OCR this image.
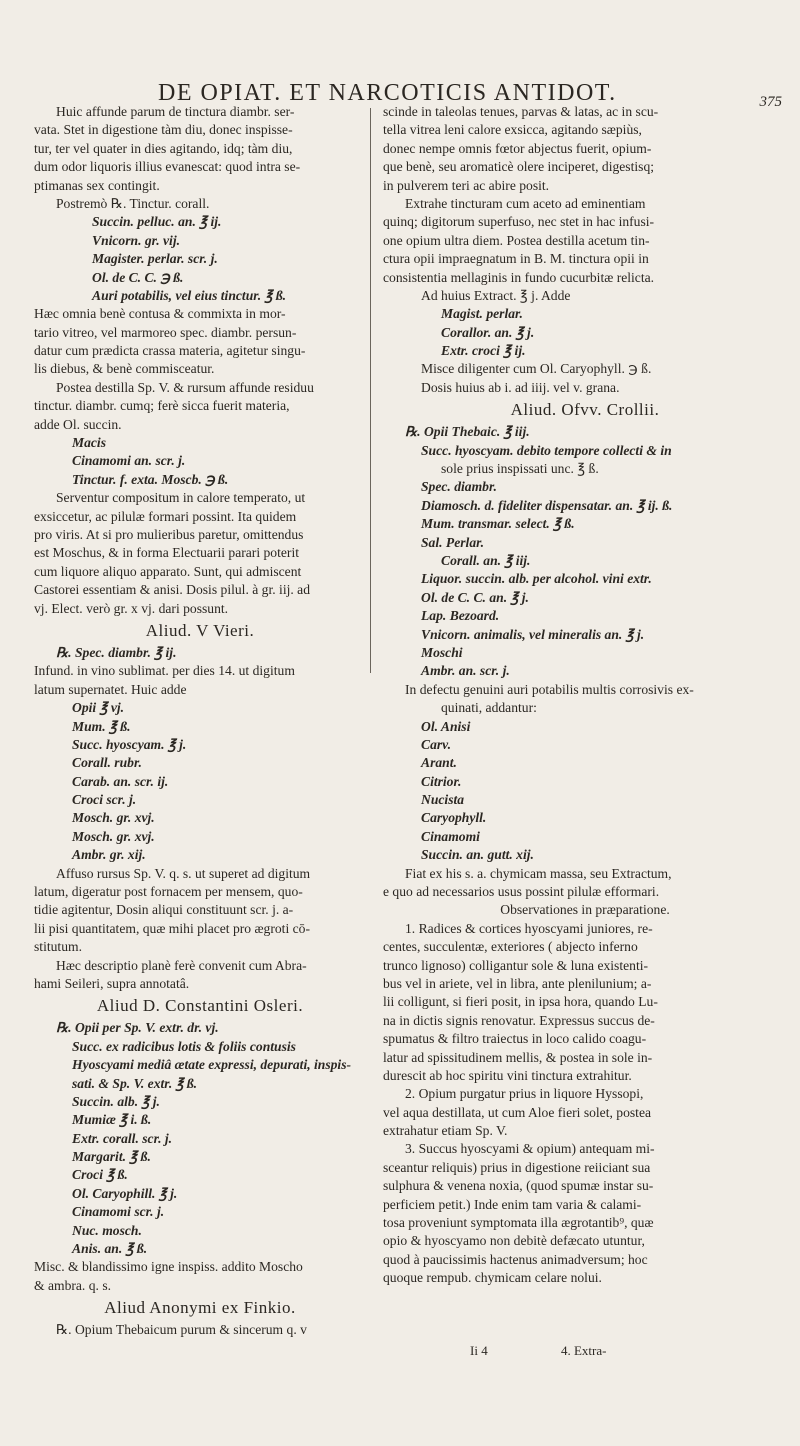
DE OPIAT. ET NARCOTICIS ANTIDOT.	375
Huic affunde parum de tinctura diambr. ser-
vata. Stet in digestione tàm diu, donec inspisse-
tur, ter vel quater in dies agitando, idq; tàm diu,
dum odor liquoris illius evanescat: quod intra se-
ptimanas sex contingit.
Postremò ℞. Tinctur. corall.
Succin. pelluc. an. ℥ ij.
Vnicorn. gr. vij.
Magister. perlar. scr. j.
Ol. de C. C. ℈ ß.
Auri potabilis, vel eius tinctur. ℥ ß.
Hæc omnia benè contusa & commixta in mor-
tario vitreo, vel marmoreo spec. diambr. persun-
datur cum prædicta crassa materia, agitetur singu-
lis diebus, & benè commisceatur.
Postea destilla Sp. V. & rursum affunde residuu
tinctur. diambr. cumq; ferè sicca fuerit materia,
adde Ol. succin.
Macis
Cinamomi an. scr. j.
Tinctur. f. exta. Moscb. ℈ ß.
Serventur compositum in calore temperato, ut
exsiccetur, ac pilulæ formari possint. Ita quidem
pro viris. At si pro mulieribus paretur, omittendus
est Moschus, & in forma Electuarii parari poterit
cum liquore aliquo apparato. Sunt, qui admiscent
Castorei essentiam & anisi. Dosis pilul. à gr. iij. ad
vj. Elect. verò gr. x vj. dari possunt.
Aliud. V Vieri.
℞. Spec. diambr. ℥ ij.
Infund. in vino sublimat. per dies 14. ut digitum
latum supernatet. Huic adde
Opii ℥ vj.
Mum. ℥ ß.
Succ. hyoscyam. ℥ j.
Corall. rubr.
Carab. an. scr. ij.
Croci scr. j.
Mosch. gr. xvj.
Mosch. gr. xvj.
Ambr. gr. xij.
Affuso rursus Sp. V. q. s. ut superet ad digitum
latum, digeratur post fornacem per mensem, quo-
tidie agitentur, Dosin aliqui constituunt scr. j. a-
lii pisi quantitatem, quæ mihi placet pro ægroti cō-
stitutum.
Hæc descriptio planè ferè convenit cum Abra-
hami Seileri, supra annotatâ.
Aliud D. Constantini Osleri.
℞. Opii per Sp. V. extr. dr. vj.
Succ. ex radicibus lotis & foliis contusis
Hyoscyami mediâ ætate expressi, depurati, inspis-
sati. & Sp. V. extr. ℥ ß.
Succin. alb. ℥ j.
Mumiæ ℥ i. ß.
Extr. corall. scr. j.
Margarit. ℥ ß.
Croci ℥ ß.
Ol. Caryophill. ℥ j.
Cinamomi scr. j.
Nuc. mosch.
Anis. an. ℥ ß.
Misc. & blandissimo igne inspiss. addito Moscho
& ambra. q. s.
Aliud Anonymi ex Finkio.
℞. Opium Thebaicum purum & sincerum q. v
scinde in taleolas tenues, parvas & latas, ac in scu-
tella vitrea leni calore exsicca, agitando sæpiùs,
donec nempe omnis fœtor abjectus fuerit, opium-
que benè, seu aromaticè olere inciperet, digestisq;
in pulverem teri ac abire posit.
Extrahe tincturam cum aceto ad eminentiam
quinq; digitorum superfuso, nec stet in hac infusi-
one opium ultra diem. Postea destilla acetum tin-
ctura opii impraegnatum in B. M. tinctura opii in
consistentia mellaginis in fundo cucurbitæ relicta.
Ad huius Extract. ℥ j. Adde
Magist. perlar.
Corallor. an. ℥ j.
Extr. croci ℥ ij.
Misce diligenter cum Ol. Caryophyll. ℈ ß.
Dosis huius ab i. ad iiij. vel v. grana.
Aliud. Ofvv. Crollii.
℞. Opii Thebaic. ℥ iij.
Succ. hyoscyam. debito tempore collecti & in
sole prius inspissati unc. ℥ ß.
Spec. diambr.
Diamosch. d. fideliter dispensatar. an. ℥ ij. ß.
Mum. transmar. select. ℥ ß.
Sal. Perlar.
Corall. an. ℥ iij.
Liquor. succin. alb. per alcohol. vini extr.
Ol. de C. C. an. ℥ j.
Lap. Bezoard.
Vnicorn. animalis, vel mineralis an. ℥ j.
Moschi
Ambr. an. scr. j.
In defectu genuini auri potabilis multis corrosivis ex-
quinati, addantur:
Ol. Anisi
Carv.
Arant.
Citrior.
Nucista
Caryophyll.
Cinamomi
Succin. an. gutt. xij.
Fiat ex his s. a. chymicam massa, seu Extractum,
e quo ad necessarios usus possint pilulæ efformari.
Observationes in præparatione.
1. Radices & cortices hyoscyami juniores, re-
centes, succulentæ, exteriores ( abjecto inferno
trunco lignoso) colligantur sole & luna existenti-
bus vel in ariete, vel in libra, ante plenilunium; a-
lii colligunt, si fieri posit, in ipsa hora, quando Lu-
na in dictis signis renovatur. Expressus succus de-
spumatus & filtro traiectus in loco calido coagu-
latur ad spissitudinem mellis, & postea in sole in-
durescit ab hoc spiritu vini tinctura extrahitur.
2. Opium purgatur prius in liquore Hyssopi,
vel aqua destillata, ut cum Aloe fieri solet, postea
extrahatur etiam Sp. V.
3. Succus hyoscyami & opium) antequam mi-
sceantur reliquis) prius in digestione reiiciant sua
sulphura & venena noxia, (quod spumæ instar su-
perficiem petit.) Inde enim tam varia & calami-
tosa proveniunt symptomata illa ægrotantib⁹, quæ
opio & hyoscyamo non debitè defæcato utuntur,
quod à paucissimis hactenus animadversum; hoc
quoque rempub. chymicam celare nolui.
Ii 4	4. Extra-
